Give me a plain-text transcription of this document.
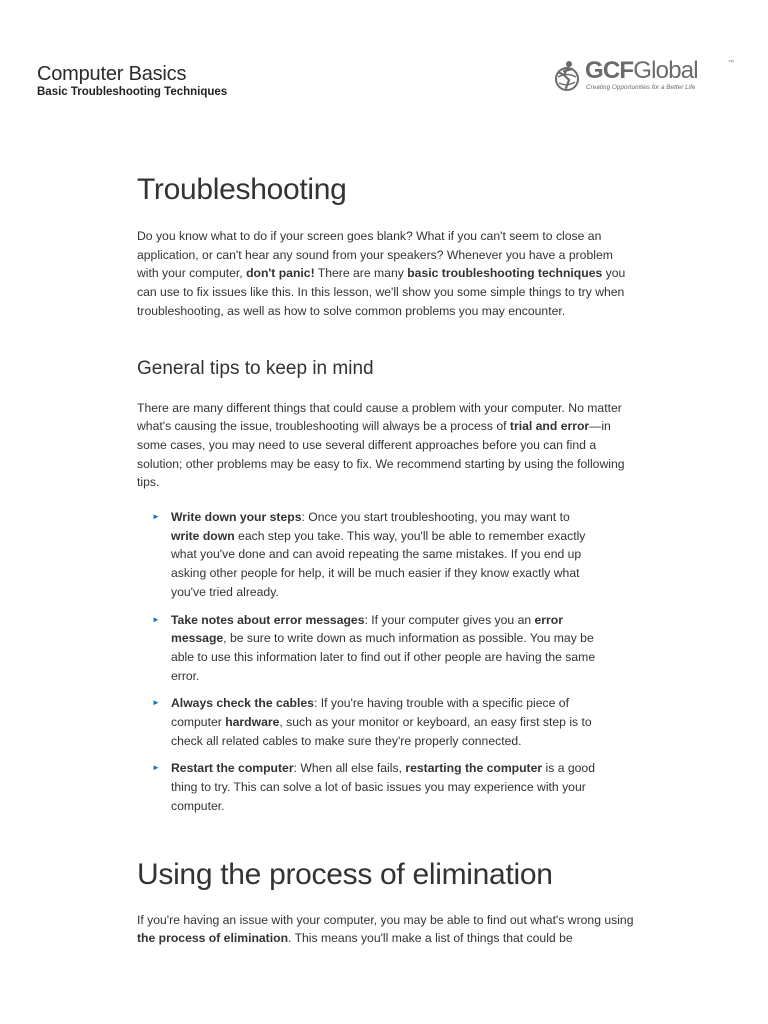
Computer Basics
Basic Troubleshooting Techniques
GCFGlobal	™
Creating Opportunities for a Better Life
Troubleshooting

Do you know what to do if your screen goes blank? What if you can't seem to close an application, or can't hear any sound from your speakers? Whenever you have a problem with your computer, don't panic! There are many basic troubleshooting techniques you can use to fix issues like this. In this lesson, we'll show you some simple things to try when troubleshooting, as well as how to solve common problems you may encounter.

General tips to keep in mind

There are many different things that could cause a problem with your computer. No matter what's causing the issue, troubleshooting will always be a process of trial and error—in some cases, you may need to use several different approaches before you can find a solution; other problems may be easy to fix. We recommend starting by using the following tips.

► Write down your steps: Once you start troubleshooting, you may want to write down each step you take. This way, you'll be able to remember exactly what you've done and can avoid repeating the same mistakes. If you end up asking other people for help, it will be much easier if they know exactly what you've tried already.
► Take notes about error messages: If your computer gives you an error message, be sure to write down as much information as possible. You may be able to use this information later to find out if other people are having the same error.
► Always check the cables: If you're having trouble with a specific piece of computer hardware, such as your monitor or keyboard, an easy first step is to check all related cables to make sure they're properly connected.
► Restart the computer: When all else fails, restarting the computer is a good thing to try. This can solve a lot of basic issues you may experience with your computer.
Using the process of elimination

If you're having an issue with your computer, you may be able to find out what's wrong using the process of elimination. This means you'll make a list of things that could be
